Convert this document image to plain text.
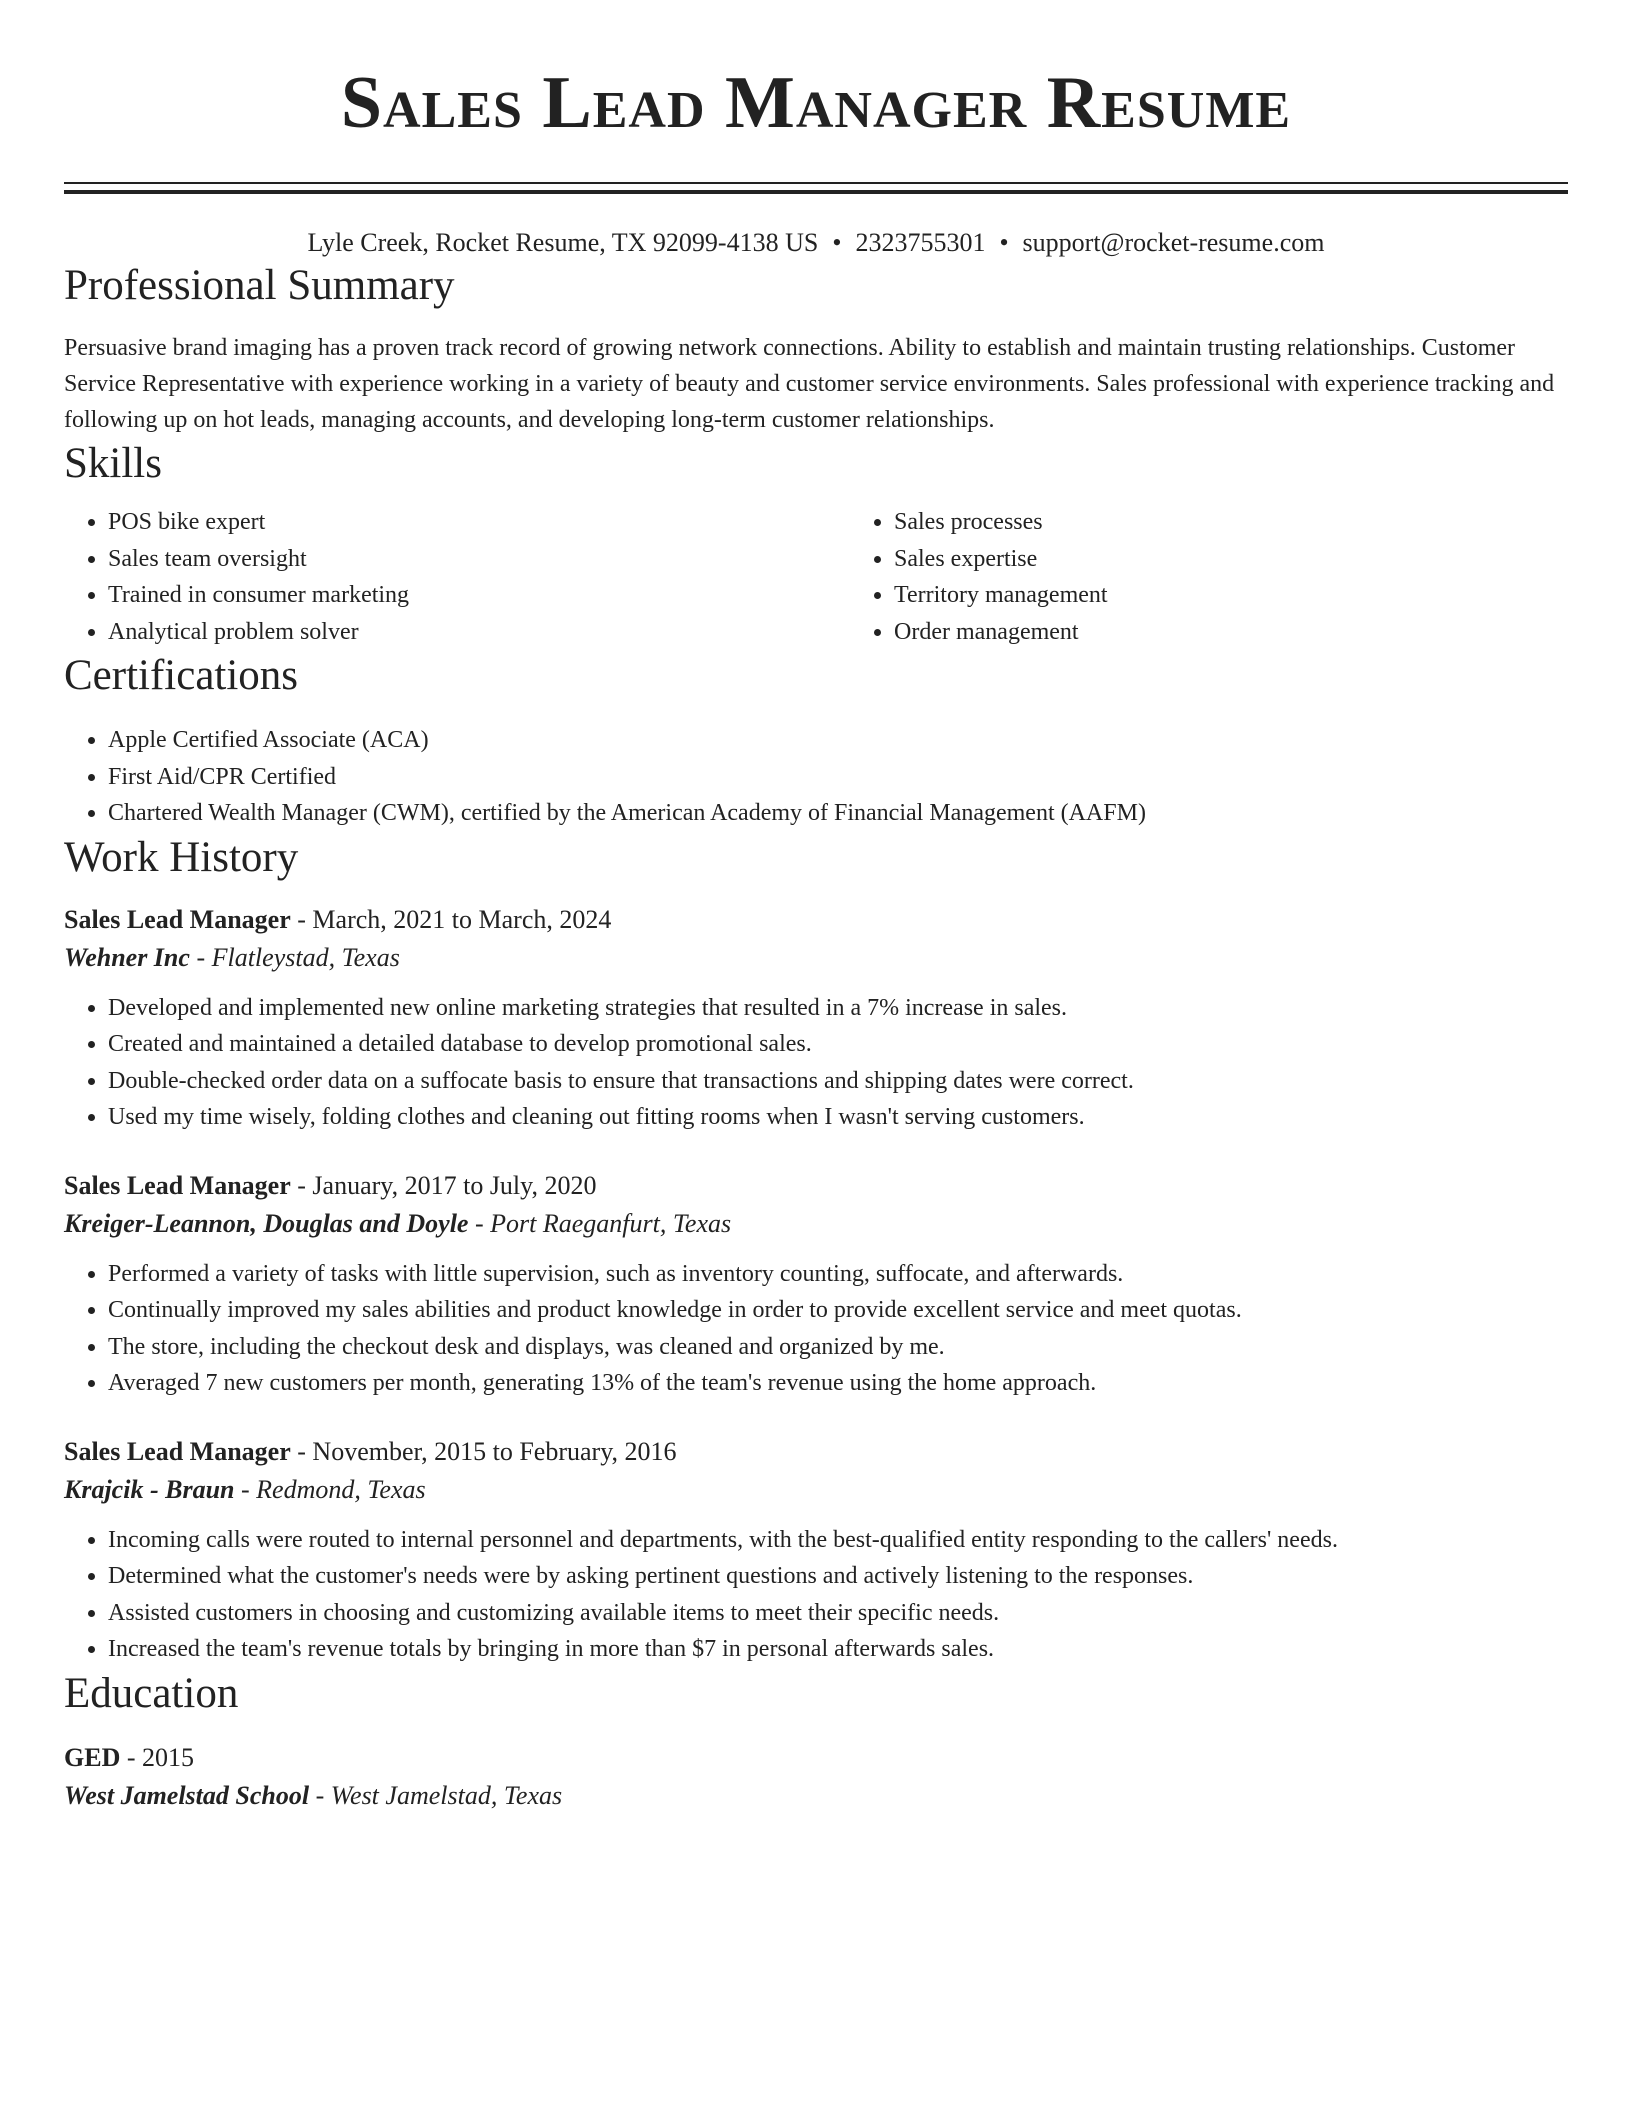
Sales Lead Manager Resume
Lyle Creek, Rocket Resume, TX 92099-4138 US • 2323755301 • support@rocket-resume.com
Professional Summary

Persuasive brand imaging has a proven track record of growing network connections. Ability to establish and maintain trusting relationships. Customer Service Representative with experience working in a variety of beauty and customer service environments. Sales professional with experience tracking and following up on hot leads, managing accounts, and developing long-term customer relationships.

Skills
• POS bike expert
• Sales team oversight
• Trained in consumer marketing
• Analytical problem solver
• Sales processes
• Sales expertise
• Territory management
• Order management
Certifications
• Apple Certified Associate (ACA)
• First Aid/CPR Certified
• Chartered Wealth Manager (CWM), certified by the American Academy of Financial Management (AAFM)
Work History
Sales Lead Manager - March, 2021 to March, 2024
Wehner Inc - Flatleystad, Texas
• Developed and implemented new online marketing strategies that resulted in a 7% increase in sales.
• Created and maintained a detailed database to develop promotional sales.
• Double-checked order data on a suffocate basis to ensure that transactions and shipping dates were correct.
• Used my time wisely, folding clothes and cleaning out fitting rooms when I wasn't serving customers.
Sales Lead Manager - January, 2017 to July, 2020
Kreiger-Leannon, Douglas and Doyle - Port Raeganfurt, Texas
• Performed a variety of tasks with little supervision, such as inventory counting, suffocate, and afterwards.
• Continually improved my sales abilities and product knowledge in order to provide excellent service and meet quotas.
• The store, including the checkout desk and displays, was cleaned and organized by me.
• Averaged 7 new customers per month, generating 13% of the team's revenue using the home approach.
Sales Lead Manager - November, 2015 to February, 2016
Krajcik - Braun - Redmond, Texas
• Incoming calls were routed to internal personnel and departments, with the best-qualified entity responding to the callers' needs.
• Determined what the customer's needs were by asking pertinent questions and actively listening to the responses.
• Assisted customers in choosing and customizing available items to meet their specific needs.
• Increased the team's revenue totals by bringing in more than $7 in personal afterwards sales.
Education
GED - 2015
West Jamelstad School - West Jamelstad, Texas
